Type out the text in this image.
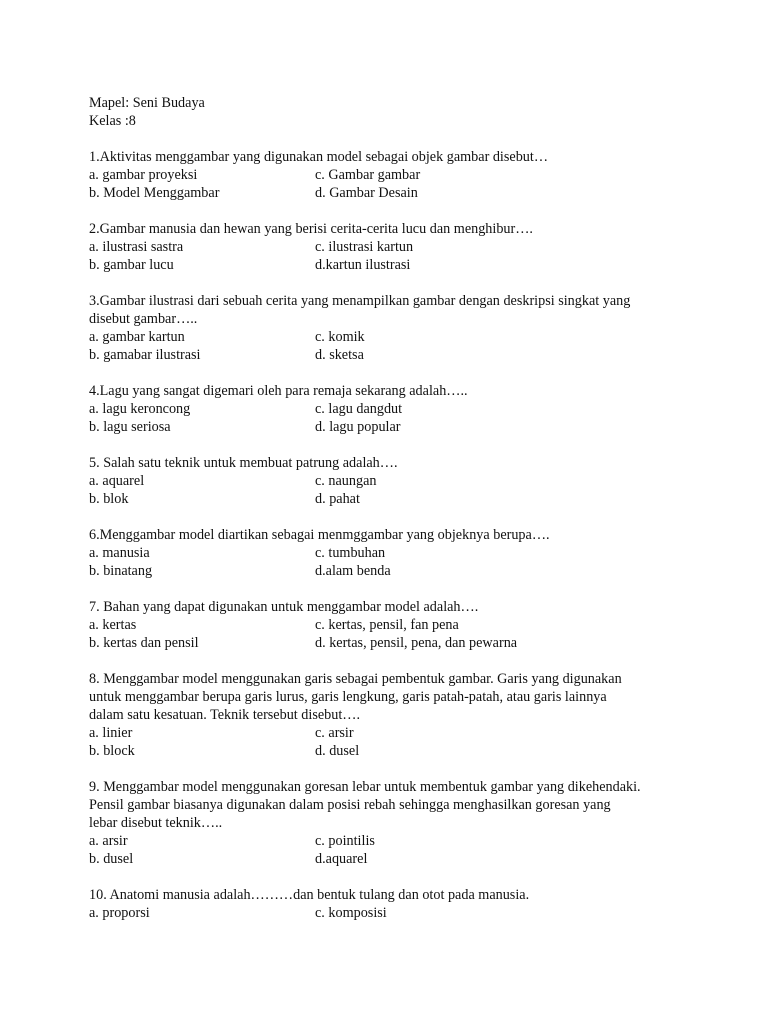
Mapel: Seni Budaya
Kelas :8
1.Aktivitas menggambar yang digunakan model sebagai objek gambar disebut…
a. gambar proyeksi	c. Gambar gambar
b. Model Menggambar	d. Gambar Desain
2.Gambar manusia dan hewan yang berisi cerita-cerita lucu dan menghibur….
a. ilustrasi sastra	c. ilustrasi kartun
b. gambar lucu	d.kartun ilustrasi
3.Gambar ilustrasi dari sebuah cerita yang menampilkan gambar dengan deskripsi singkat yang
disebut gambar…..
a. gambar kartun	c. komik
b. gamabar ilustrasi	d. sketsa
4.Lagu yang sangat digemari oleh para remaja sekarang adalah…..
a. lagu keroncong	c. lagu dangdut
b. lagu seriosa	d. lagu popular
5. Salah satu teknik untuk membuat patrung adalah….
a. aquarel	c. naungan
b. blok	d. pahat
6.Menggambar model diartikan sebagai menmggambar yang objeknya berupa….
a. manusia	c. tumbuhan
b. binatang	d.alam benda
7. Bahan yang dapat digunakan untuk menggambar model adalah….
a. kertas	c. kertas, pensil, fan pena
b. kertas dan pensil	d. kertas, pensil, pena, dan pewarna
8. Menggambar model menggunakan garis sebagai pembentuk gambar. Garis yang digunakan
untuk menggambar berupa garis lurus, garis lengkung, garis patah-patah, atau garis lainnya
dalam satu kesatuan. Teknik tersebut disebut….
a. linier	c. arsir
b. block	d. dusel
9. Menggambar model menggunakan goresan lebar untuk membentuk gambar yang dikehendaki.
Pensil gambar biasanya digunakan dalam posisi rebah sehingga menghasilkan goresan yang
lebar disebut teknik…..
a. arsir	c. pointilis
b. dusel	d.aquarel
10. Anatomi manusia adalah………dan bentuk tulang dan otot pada manusia.
a. proporsi	c. komposisi
